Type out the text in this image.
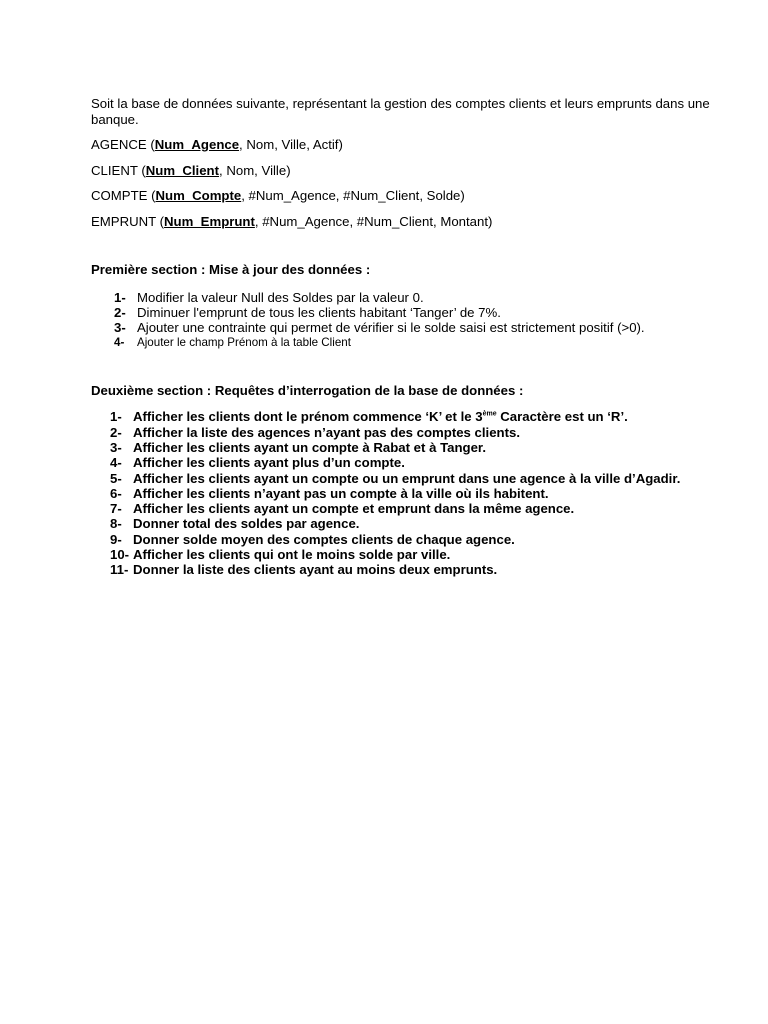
Soit la base de données suivante, représentant la gestion des comptes clients et leurs emprunts dans une banque.

AGENCE (Num_Agence, Nom, Ville, Actif)

CLIENT (Num_Client, Nom, Ville)

COMPTE (Num_Compte, #Num_Agence, #Num_Client, Solde)

EMPRUNT (Num_Emprunt, #Num_Agence, #Num_Client, Montant)

Première section : Mise à jour des données :

1- Modifier la valeur Null des Soldes par la valeur 0.
2- Diminuer l'emprunt de tous les clients habitant ‘Tanger’ de 7%.
3- Ajouter une contrainte qui permet de vérifier si le solde saisi est strictement positif (>0).
4- Ajouter le champ Prénom à la table Client

Deuxième section : Requêtes d’interrogation de la base de données :

1- Afficher les clients dont le prénom commence ‘K’ et le 3ème Caractère est un ‘R’.
2- Afficher la liste des agences n’ayant pas des comptes clients.
3- Afficher les clients ayant un compte à Rabat et à Tanger.
4- Afficher les clients ayant plus d’un compte.
5- Afficher les clients ayant un compte ou un emprunt dans une agence à la ville d’Agadir.
6- Afficher les clients n’ayant pas un compte à la ville où ils habitent.
7- Afficher les clients ayant un compte et emprunt dans la même agence.
8- Donner total des soldes par agence.
9- Donner solde moyen des comptes clients de chaque agence.
10- Afficher les clients qui ont le moins solde par ville.
11- Donner la liste des clients ayant au moins deux emprunts.
